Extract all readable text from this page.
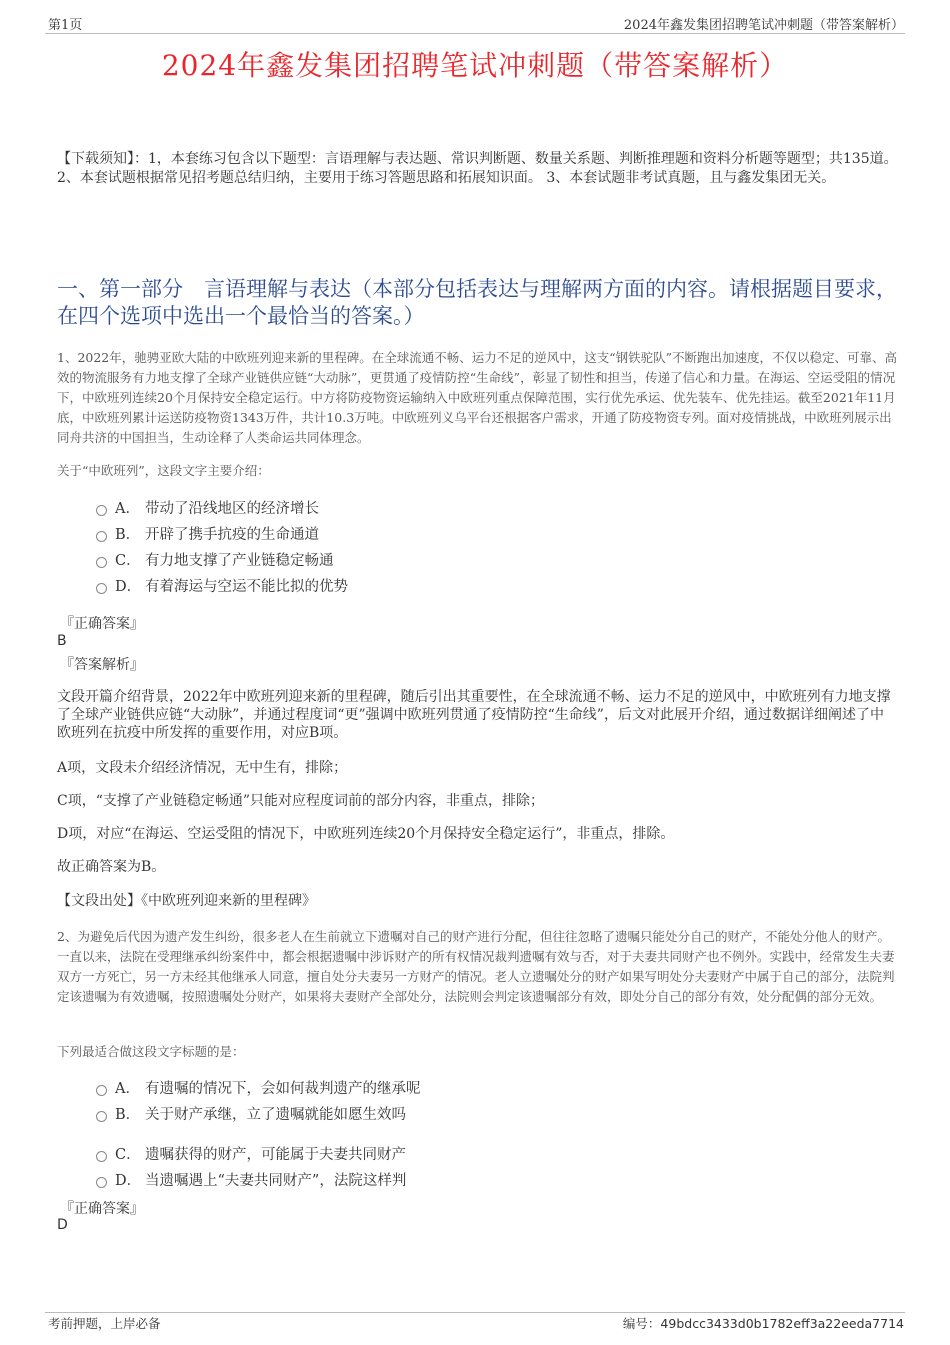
第1页	2024年鑫发集团招聘笔试冲刺题（带答案解析）
2024年鑫发集团招聘笔试冲刺题（带答案解析）
【下载须知】：1，本套练习包含以下题型：言语理解与表达题、常识判断题、数量关系题、判断推理题和资料分析题等题型；共135道。 2、本套试题根据常见招考题总结归纳，主要用于练习答题思路和拓展知识面。 3、本套试题非考试真题，且与鑫发集团无关。
一、第一部分　言语理解与表达（本部分包括表达与理解两方面的内容。请根据题目要求，在四个选项中选出一个最恰当的答案。）
1、2022年，驰骋亚欧大陆的中欧班列迎来新的里程碑。在全球流通不畅、运力不足的逆风中，这支“钢铁驼队”不断跑出加速度，不仅以稳定、可靠、高效的物流服务有力地支撑了全球产业链供应链“大动脉”，更贯通了疫情防控“生命线”，彰显了韧性和担当，传递了信心和力量。在海运、空运受阻的情况下，中欧班列连续20个月保持安全稳定运行。中方将防疫物资运输纳入中欧班列重点保障范围，实行优先承运、优先装车、优先挂运。截至2021年11月底，中欧班列累计运送防疫物资1343万件，共计10.3万吨。中欧班列义乌平台还根据客户需求，开通了防疫物资专列。面对疫情挑战，中欧班列展示出同舟共济的中国担当，生动诠释了人类命运共同体理念。
关于“中欧班列”，这段文字主要介绍：
A． 带动了沿线地区的经济增长
B． 开辟了携手抗疫的生命通道
C． 有力地支撑了产业链稳定畅通
D． 有着海运与空运不能比拟的优势
『正确答案』
B
『答案解析』
文段开篇介绍背景，2022年中欧班列迎来新的里程碑，随后引出其重要性，在全球流通不畅、运力不足的逆风中，中欧班列有力地支撑了全球产业链供应链“大动脉”，并通过程度词“更”强调中欧班列贯通了疫情防控“生命线”，后文对此展开介绍，通过数据详细阐述了中欧班列在抗疫中所发挥的重要作用，对应B项。
A项，文段未介绍经济情况，无中生有，排除；
C项，“支撑了产业链稳定畅通”只能对应程度词前的部分内容，非重点，排除；
D项，对应“在海运、空运受阻的情况下，中欧班列连续20个月保持安全稳定运行”，非重点，排除。
故正确答案为B。
【文段出处】《中欧班列迎来新的里程碑》
2、为避免后代因为遗产发生纠纷，很多老人在生前就立下遗嘱对自己的财产进行分配，但往往忽略了遗嘱只能处分自己的财产，不能处分他人的财产。一直以来，法院在受理继承纠纷案件中，都会根据遗嘱中涉诉财产的所有权情况裁判遗嘱有效与否，对于夫妻共同财产也不例外。实践中，经常发生夫妻双方一方死亡，另一方未经其他继承人同意，擅自处分夫妻另一方财产的情况。老人立遗嘱处分的财产如果写明处分夫妻财产中属于自己的部分，法院判定该遗嘱为有效遗嘱，按照遗嘱处分财产，如果将夫妻财产全部处分，法院则会判定该遗嘱部分有效，即处分自己的部分有效，处分配偶的部分无效。
下列最适合做这段文字标题的是：
A． 有遗嘱的情况下，会如何裁判遗产的继承呢
B． 关于财产承继，立了遗嘱就能如愿生效吗
C． 遗嘱获得的财产，可能属于夫妻共同财产
D． 当遗嘱遇上“夫妻共同财产”，法院这样判
『正确答案』
D
考前押题，上岸必备	编号：49bdcc3433d0b1782eff3a22eeda7714
